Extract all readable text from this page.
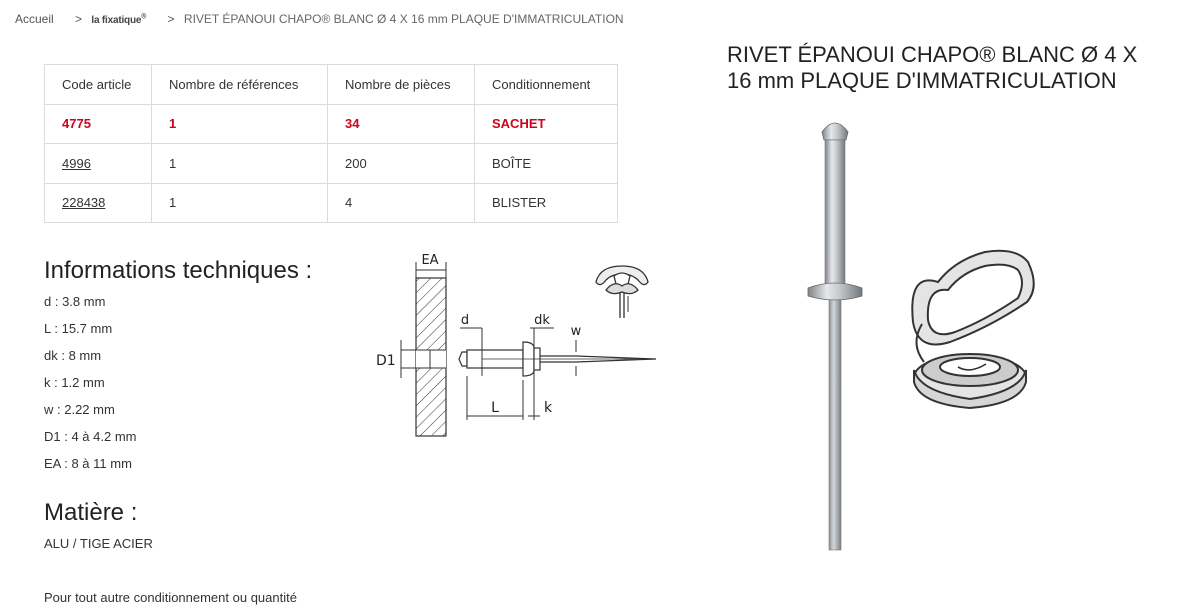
Accueil > la fixatique® > RIVET ÉPANOUI CHAPO® BLANC Ø 4 X 16 mm PLAQUE D'IMMATRICULATION
Code article	Nombre de références	Nombre de pièces	Conditionnement
4775	1	34	SACHET
4996	1	200	BOÎTE
228438	1	4	BLISTER
Informations techniques :
d : 3.8 mm
L : 15.7 mm
dk : 8 mm
k : 1.2 mm
w : 2.22 mm
D1 : 4 à 4.2 mm
EA : 8 à 11 mm
Matière :

ALU / TIGE ACIER

Pour tout autre conditionnement ou quantité

RIVET ÉPANOUI CHAPO® BLANC Ø 4 X 16 mm PLAQUE D'IMMATRICULATION
EA
D1
d	dk
w
L	k
